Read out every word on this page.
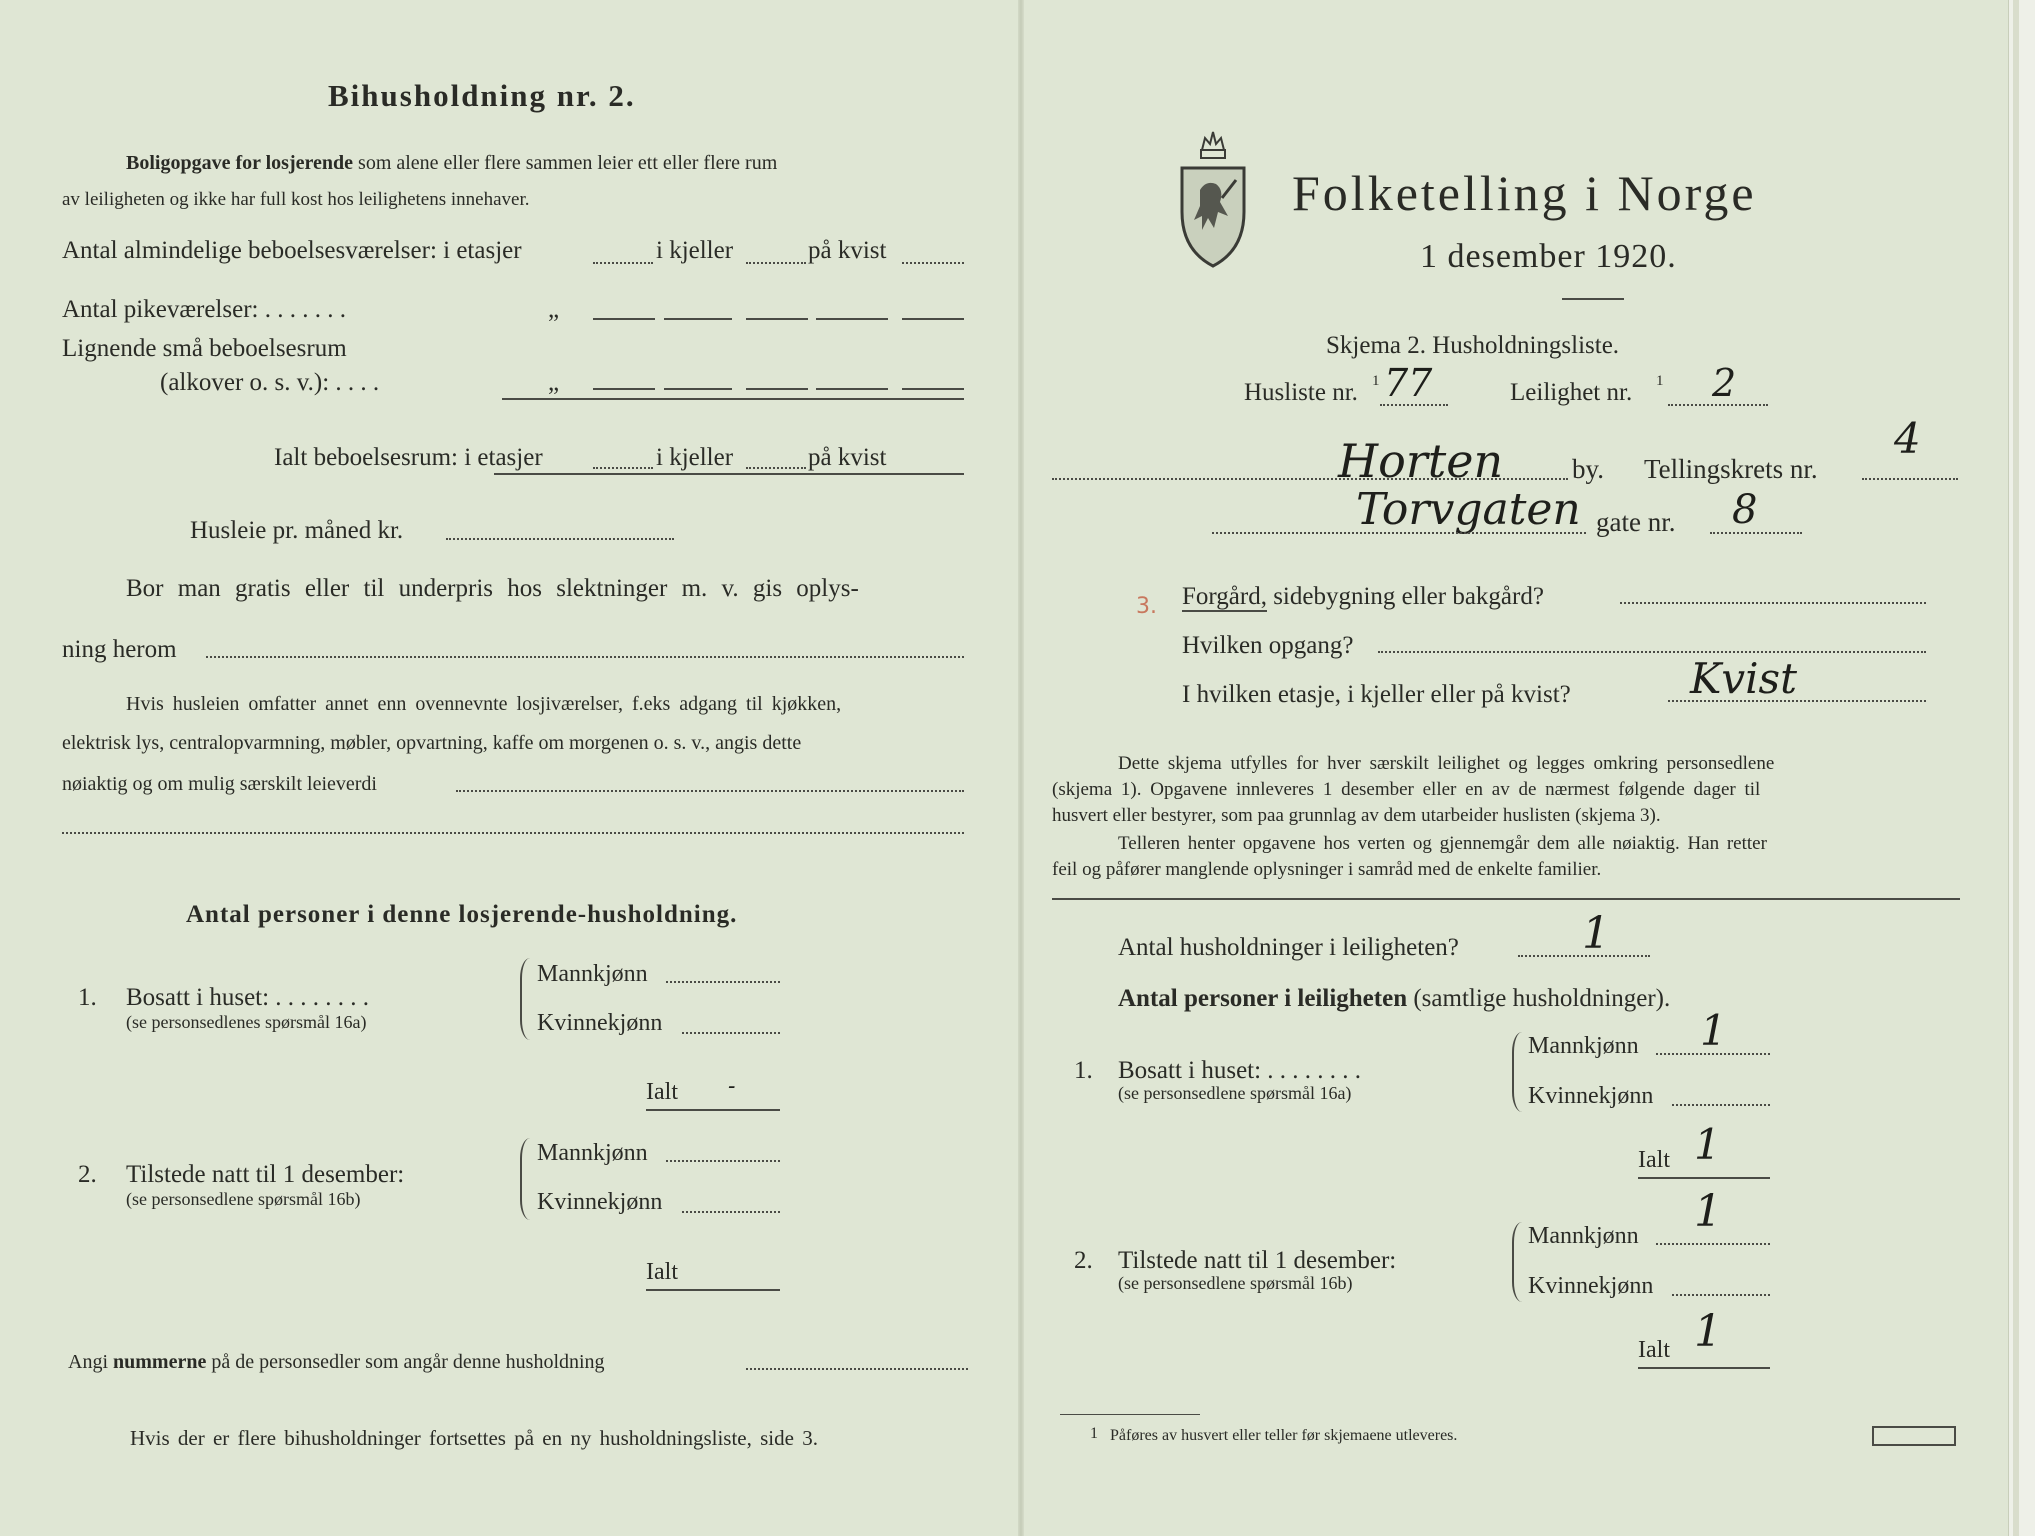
Bihusholdning nr. 2.
Boligopgave for losjerende som alene eller flere sammen leier ett eller flere rum
av leiligheten og ikke har full kost hos leilighetens innehaver.
Antal almindelige beboelsesværelser: i etasjer	i kjeller	på kvist
Antal pikeværelser: . . . . . . .	„
Lignende små beboelsesrum
(alkover o. s. v.): . . . .	„
Ialt beboelsesrum: i etasjer	i kjeller	på kvist
Husleie pr. måned kr.
Bor man gratis eller til underpris hos slektninger m. v. gis oplys-
ning herom
Hvis husleien omfatter annet enn ovennevnte losjiværelser, f.eks adgang til kjøkken,
elektrisk lys, centralopvarmning, møbler, opvartning, kaffe om morgenen o. s. v., angis dette
nøiaktig og om mulig særskilt leieverdi
Antal personer i denne losjerende-husholdning.
1. Bosatt i huset: . . . . . . . .
(se personsedlenes spørsmål 16a)
Mannkjønn
Kvinnekjønn
Ialt -
2. Tilstede natt til 1 desember:
(se personsedlene spørsmål 16b)
Mannkjønn
Kvinnekjønn
Ialt
Angi nummerne på de personsedler som angår denne husholdning
Hvis der er flere bihusholdninger fortsettes på en ny husholdningsliste, side 3.
Folketelling i Norge
1 desember 1920.
Skjema 2. Husholdningsliste.
Husliste nr. 1 77	Leilighet nr. 1 2
Horten	by. Tellingskrets nr.
4
Torvgaten gate nr. 8
3. Forgård, sidebygning eller bakgård?
Hvilken opgang?
I hvilken etasje, i kjeller eller på kvist?	Kvist
Dette skjema utfylles for hver særskilt leilighet og legges omkring personsedlene
(skjema 1). Opgavene innleveres 1 desember eller en av de nærmest følgende dager til
husvert eller bestyrer, som paa grunnlag av dem utarbeider huslisten (skjema 3).
Telleren henter opgavene hos verten og gjennemgår dem alle nøiaktig. Han retter
feil og påfører manglende oplysninger i samråd med de enkelte familier.
Antal husholdninger i leiligheten?	1
Antal personer i leiligheten (samtlige husholdninger).
1. Bosatt i huset: . . . . . . . .
(se personsedlene spørsmål 16a)
Mannkjønn 1
Kvinnekjønn
Ialt 1
2. Tilstede natt til 1 desember:
(se personsedlene spørsmål 16b)
Mannkjønn 1
Kvinnekjønn
Ialt 1
1 Påføres av husvert eller teller før skjemaene utleveres.
